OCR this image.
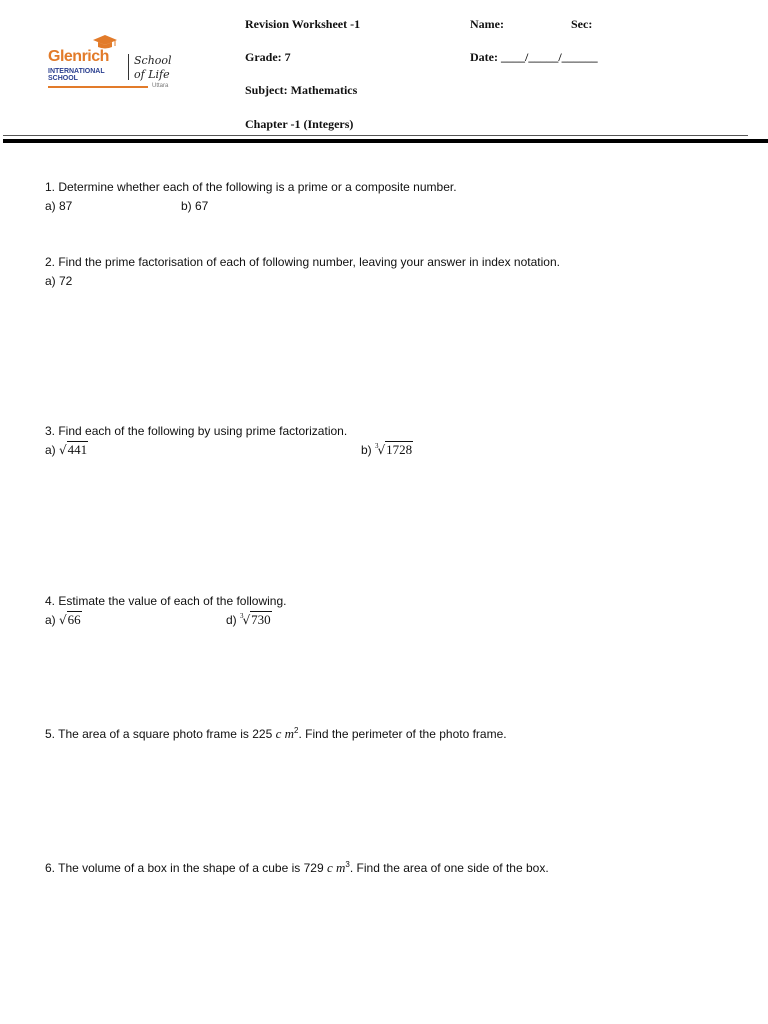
Glenrich
INTERNATIONAL
SCHOOL
School
of Life
Uttara
Revision Worksheet -1	Name:	Sec:
Grade: 7	Date: ____/_____/______
Subject: Mathematics
Chapter -1 (Integers)
1. Determine whether each of the following is a prime or a composite number.
a) 87	b) 67
2. Find the prime factorisation of each of following number, leaving your answer in index notation.
a) 72
3. Find each of the following by using prime factorization.
a) √441	b) $^3$√1728
4. Estimate the value of each of the following.
a) √66	d) $^3$√730
5. The area of a square photo frame is 225 c $m^2$. Find the perimeter of the photo frame.
6. The volume of a box in the shape of a cube is 729 c $m^3$. Find the area of one side of the box.
